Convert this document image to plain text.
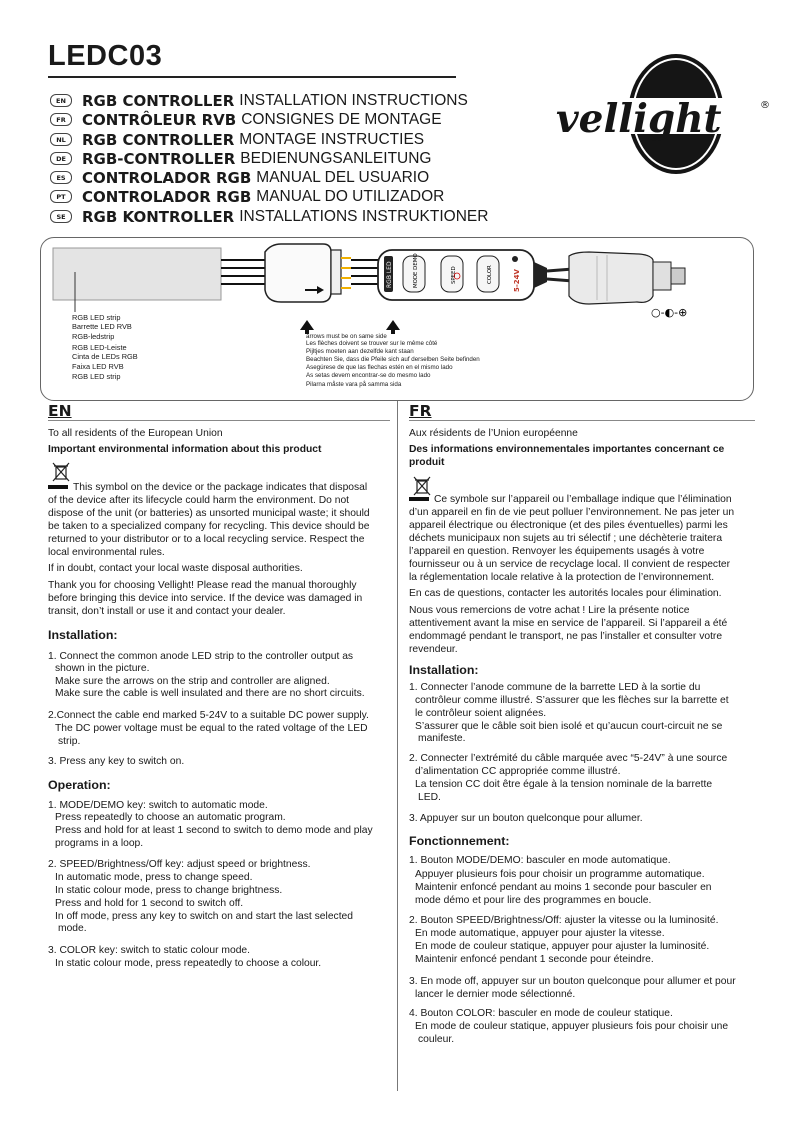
LEDC03
EN	RGB CONTROLLER INSTALLATION INSTRUCTIONS
FR	CONTRÔLEUR RVB CONSIGNES DE MONTAGE
NL	RGB CONTROLLER MONTAGE INSTRUCTIES
DE	RGB-CONTROLLER BEDIENUNGSANLEITUNG
ES	CONTROLADOR RGB MANUAL DEL USUARIO
PT	CONTROLADOR RGB MANUAL DO UTILIZADOR
SE	RGB KONTROLLER INSTALLATIONS INSTRUKTIONER
vellight	®
RGB LED	MODE DEMO	SPEED	COLOR	5-24V
○-◐-⊕
RGB LED strip
Barrette LED RVB
RGB-ledstrip
RGB LED-Leiste
Cinta de LEDs RGB
Faixa LED RVB
RGB LED strip
arrows must be on same side
Les flèches doivent se trouver sur le même côté
Pijltjes moeten aan dezelfde kant staan
Beachten Sie, dass die Pfeile sich auf derselben Seite befinden
Asegúrese de que las flechas estén en el mismo lado
As setas devem encontrar-se do mesmo lado
Pilarna måste vara på samma sida
EN
To all residents of the European Union
Important environmental information about this product
This symbol on the device or the package indicates that disposal
of the device after its lifecycle could harm the environment. Do not
dispose of the unit (or batteries) as unsorted municipal waste; it should
be taken to a specialized company for recycling. This device should be
returned to your distributor or to a local recycling service. Respect the
local environmental rules.
If in doubt, contact your local waste disposal authorities.
Thank you for choosing Vellight! Please read the manual thoroughly
before bringing this device into service. If the device was damaged in
transit, don’t install or use it and contact your dealer.
Installation:
1. Connect the common anode LED strip to the controller output as
shown in the picture.
Make sure the arrows on the strip and controller are aligned.
Make sure the cable is well insulated and there are no short circuits.
2.Connect the cable end marked 5-24V to a suitable DC power supply.
The DC power voltage must be equal to the rated voltage of the LED
strip.
3. Press any key to switch on.
Operation:
1. MODE/DEMO key: switch to automatic mode.
Press repeatedly to choose an automatic program.
Press and hold for at least 1 second to switch to demo mode and play
programs in a loop.
2. SPEED/Brightness/Off key: adjust speed or brightness.
In automatic mode, press to change speed.
In static colour mode, press to change brightness.
Press and hold for 1 second to switch off.
In off mode, press any key to switch on and start the last selected
mode.
3. COLOR key: switch to static colour mode.
In static colour mode, press repeatedly to choose a colour.
FR
Aux résidents de l’Union européenne
Des informations environnementales importantes concernant ce
produit
Ce symbole sur l’appareil ou l’emballage indique que l’élimination
d’un appareil en fin de vie peut polluer l’environnement. Ne pas jeter un
appareil électrique ou électronique (et des piles éventuelles) parmi les
déchets municipaux non sujets au tri sélectif ; une déchèterie traitera
l’appareil en question. Renvoyer les équipements usagés à votre
fournisseur ou à un service de recyclage local. Il convient de respecter
la réglementation locale relative à la protection de l’environnement.
En cas de questions, contacter les autorités locales pour élimination.
Nous vous remercions de votre achat ! Lire la présente notice
attentivement avant la mise en service de l’appareil. Si l’appareil a été
endommagé pendant le transport, ne pas l’installer et consulter votre
revendeur.
Installation:
1. Connecter l’anode commune de la barrette LED à la sortie du
contrôleur comme illustré. S’assurer que les flèches sur la barrette et
le contrôleur soient alignées.
S’assurer que le câble soit bien isolé et qu’aucun court-circuit ne se
manifeste.
2. Connecter l’extrémité du câble marquée avec “5-24V” à une source
d’alimentation CC appropriée comme illustré.
La tension CC doit être égale à la tension nominale de la barrette
LED.
3. Appuyer sur un bouton quelconque pour allumer.
Fonctionnement:
1. Bouton MODE/DEMO: basculer en mode automatique.
Appuyer plusieurs fois pour choisir un programme automatique.
Maintenir enfoncé pendant au moins 1 seconde pour basculer en
mode démo et pour lire des programmes en boucle.
2. Bouton SPEED/Brightness/Off: ajuster la vitesse ou la luminosité.
En mode automatique, appuyer pour ajuster la vitesse.
En mode de couleur statique, appuyer pour ajuster la luminosité.
Maintenir enfoncé pendant 1 seconde pour éteindre.
3. En mode off, appuyer sur un bouton quelconque pour allumer et pour
lancer le dernier mode sélectionné.
4. Bouton COLOR: basculer en mode de couleur statique.
En mode de couleur statique, appuyer plusieurs fois pour choisir une
couleur.
